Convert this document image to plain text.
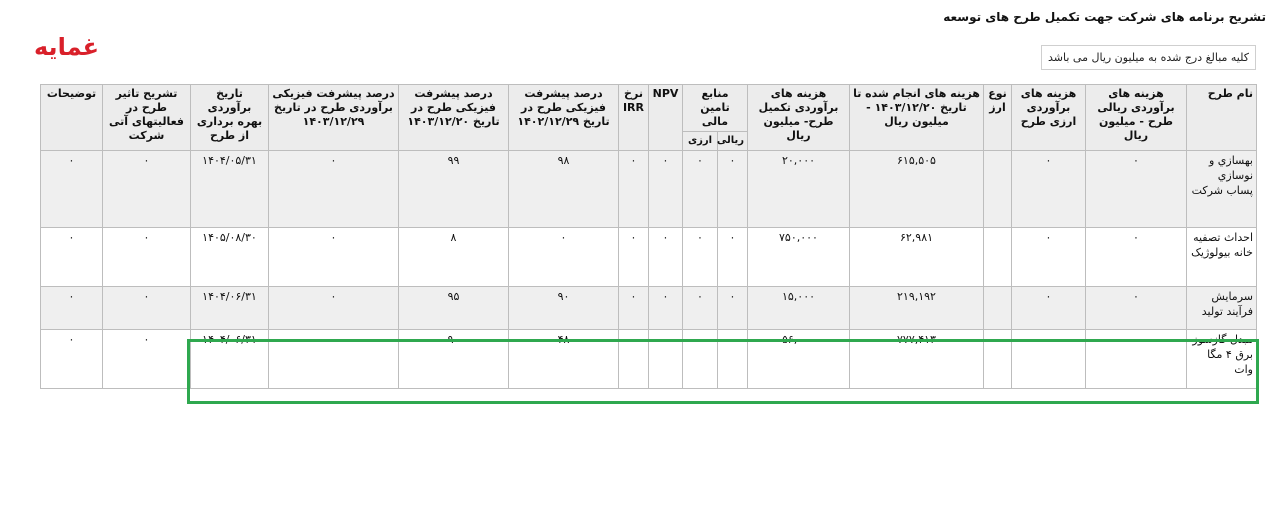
تشریح برنامه های شرکت جهت تکمیل طرح های توسعه
غمایه	کلیه مبالغ درج شده به میلیون ریال می باشد
نام طرح	هزینه های برآوردی ریالی طرح - میلیون ریال	هزینه های برآوردی ارزی طرح	نوع ارز	هزینه های انجام شده تا تاریخ ۱۴۰۳/۱۲/۲۰ - میلیون ریال	هزینه های برآوردی تکمیل طرح- میلیون ریال	منابع تامین مالی		NPV	نرخ IRR	درصد پیشرفت فیزیکی طرح در تاریخ ۱۴۰۲/۱۲/۲۹	درصد پیشرفت فیزیکی طرح در تاریخ ۱۴۰۳/۱۲/۲۰	درصد پیشرفت فیزیکی برآوردی طرح در تاریخ ۱۴۰۳/۱۲/۲۹	تاریخ برآوردی بهره برداری از طرح	تشریح تاثیر طرح در فعالیتهای آتی شرکت	توضیحات
						ریالی	ارزی								
بهسازي و نوسازي پساب شرکت	۰	۰		۶۱۵,۵۰۵	۲۰,۰۰۰	۰	۰	۰	۰	۹۸	۹۹	۰	۱۴۰۴/۰۵/۳۱	۰	۰
احداث تصفیه خانه بیولوژیک	۰	۰		۶۲,۹۸۱	۷۵۰,۰۰۰	۰	۰	۰	۰	۰	۸	۰	۱۴۰۵/۰۸/۳۰	۰	۰
سرمایش فرآیند تولید	۰	۰		۲۱۹,۱۹۲	۱۵,۰۰۰	۰	۰	۰	۰	۹۰	۹۵	۰	۱۴۰۴/۰۶/۳۱	۰	۰
مبدل گازسوز برق ۴ مگا وات	۰	۰		۷۷۷,۴۱۳	۵۶,۰۰۰	۰	۰	۰	۰	۴۸	۹۰	۰	۱۴۰۴/۰۶/۳۱	۰	۰
